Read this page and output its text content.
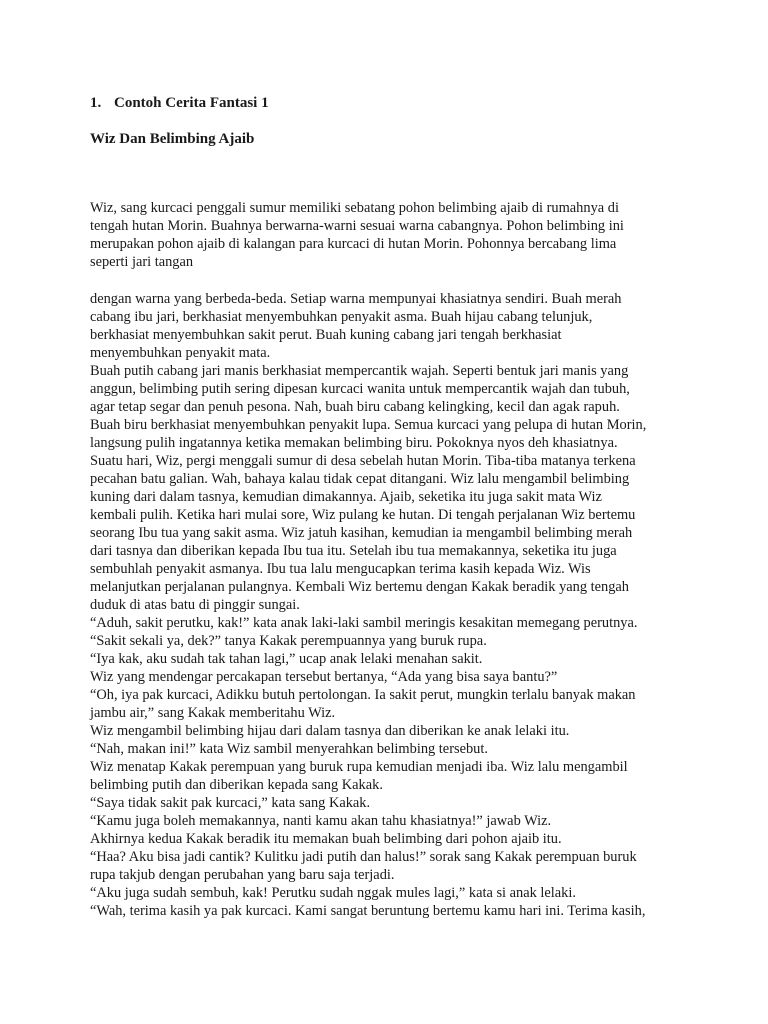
1. Contoh Cerita Fantasi 1

Wiz Dan Belimbing Ajaib

Wiz, sang kurcaci penggali sumur memiliki sebatang pohon belimbing ajaib di rumahnya di
tengah hutan Morin. Buahnya berwarna-warni sesuai warna cabangnya. Pohon belimbing ini
merupakan pohon ajaib di kalangan para kurcaci di hutan Morin. Pohonnya bercabang lima
seperti jari tangan
dengan warna yang berbeda-beda. Setiap warna mempunyai khasiatnya sendiri. Buah merah
cabang ibu jari, berkhasiat menyembuhkan penyakit asma. Buah hijau cabang telunjuk,
berkhasiat menyembuhkan sakit perut. Buah kuning cabang jari tengah berkhasiat
menyembuhkan penyakit mata.
Buah putih cabang jari manis berkhasiat mempercantik wajah. Seperti bentuk jari manis yang
anggun, belimbing putih sering dipesan kurcaci wanita untuk mempercantik wajah dan tubuh,
agar tetap segar dan penuh pesona. Nah, buah biru cabang kelingking, kecil dan agak rapuh.
Buah biru berkhasiat menyembuhkan penyakit lupa. Semua kurcaci yang pelupa di hutan Morin,
langsung pulih ingatannya ketika memakan belimbing biru. Pokoknya nyos deh khasiatnya.
Suatu hari, Wiz, pergi menggali sumur di desa sebelah hutan Morin. Tiba-tiba matanya terkena
pecahan batu galian. Wah, bahaya kalau tidak cepat ditangani. Wiz lalu mengambil belimbing
kuning dari dalam tasnya, kemudian dimakannya. Ajaib, seketika itu juga sakit mata Wiz
kembali pulih. Ketika hari mulai sore, Wiz pulang ke hutan. Di tengah perjalanan Wiz bertemu
seorang Ibu tua yang sakit asma. Wiz jatuh kasihan, kemudian ia mengambil belimbing merah
dari tasnya dan diberikan kepada Ibu tua itu. Setelah ibu tua memakannya, seketika itu juga
sembuhlah penyakit asmanya. Ibu tua lalu mengucapkan terima kasih kepada Wiz. Wis
melanjutkan perjalanan pulangnya. Kembali Wiz bertemu dengan Kakak beradik yang tengah
duduk di atas batu di pinggir sungai.
“Aduh, sakit perutku, kak!” kata anak laki-laki sambil meringis kesakitan memegang perutnya.
“Sakit sekali ya, dek?” tanya Kakak perempuannya yang buruk rupa.
“Iya kak, aku sudah tak tahan lagi,” ucap anak lelaki menahan sakit.
Wiz yang mendengar percakapan tersebut bertanya, “Ada yang bisa saya bantu?”
“Oh, iya pak kurcaci, Adikku butuh pertolongan. Ia sakit perut, mungkin terlalu banyak makan
jambu air,” sang Kakak memberitahu Wiz.
Wiz mengambil belimbing hijau dari dalam tasnya dan diberikan ke anak lelaki itu.
“Nah, makan ini!” kata Wiz sambil menyerahkan belimbing tersebut.
Wiz menatap Kakak perempuan yang buruk rupa kemudian menjadi iba. Wiz lalu mengambil
belimbing putih dan diberikan kepada sang Kakak.
“Saya tidak sakit pak kurcaci,” kata sang Kakak.
“Kamu juga boleh memakannya, nanti kamu akan tahu khasiatnya!” jawab Wiz.
Akhirnya kedua Kakak beradik itu memakan buah belimbing dari pohon ajaib itu.
“Haa? Aku bisa jadi cantik? Kulitku jadi putih dan halus!” sorak sang Kakak perempuan buruk
rupa takjub dengan perubahan yang baru saja terjadi.
“Aku juga sudah sembuh, kak! Perutku sudah nggak mules lagi,” kata si anak lelaki.
“Wah, terima kasih ya pak kurcaci. Kami sangat beruntung bertemu kamu hari ini. Terima kasih,
